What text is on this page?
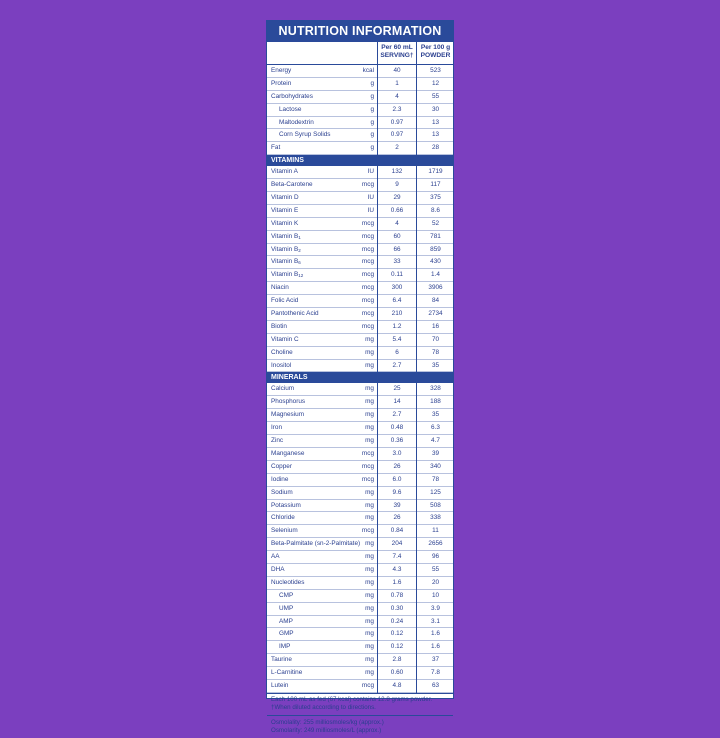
NUTRITION INFORMATION
Per 60 mL
SERVING†
Per 100 g
POWDER
Energy	kcal	40	523
Protein	g	1	12
Carbohydrates	g	4	55
Lactose	g	2.3	30
Maltodextrin	g	0.97	13
Corn Syrup Solids	g	0.97	13
Fat	g	2	28
VITAMINS
Vitamin A	IU	132	1719
Beta-Carotene	mcg	9	117
Vitamin D	IU	29	375
Vitamin E	IU	0.66	8.6
Vitamin K	mcg	4	52
Vitamin $B_1$	mcg	60	781
Vitamin $B_2$	mcg	66	859
Vitamin $B_6$	mcg	33	430
Vitamin $B_{12}$	mcg	0.11	1.4
Niacin	mcg	300	3906
Folic Acid	mcg	6.4	84
Pantothenic Acid	mcg	210	2734
Biotin	mcg	1.2	16
Vitamin C	mg	5.4	70
Choline	mg	6	78
Inositol	mg	2.7	35
MINERALS
Calcium	mg	25	328
Phosphorus	mg	14	188
Magnesium	mg	2.7	35
Iron	mg	0.48	6.3
Zinc	mg	0.36	4.7
Manganese	mcg	3.0	39
Copper	mcg	26	340
Iodine	mcg	6.0	78
Sodium	mg	9.6	125
Potassium	mg	39	508
Chloride	mg	26	338
Selenium	mcg	0.84	11
Beta-Palmitate (sn-2-Palmitate) mg	204	2656
AA	mg	7.4	96
DHA	mg	4.3	55
Nucleotides	mg	1.6	20
CMP	mg	0.78	10
UMP	mg	0.30	3.9
AMP	mg	0.24	3.1
GMP	mg	0.12	1.6
IMP	mg	0.12	1.6
Taurine	mg	2.8	37
L-Carnitine	mg	0.60	7.8
Lutein	mcg	4.8	63
Each 100 mL as fed (67 kcal) contains 12.8 grams powder.
†When diluted according to directions.
Osmolality: 255 milliosmoles/kg (approx.)
Osmolarity: 249 milliosmoles/L (approx.)
